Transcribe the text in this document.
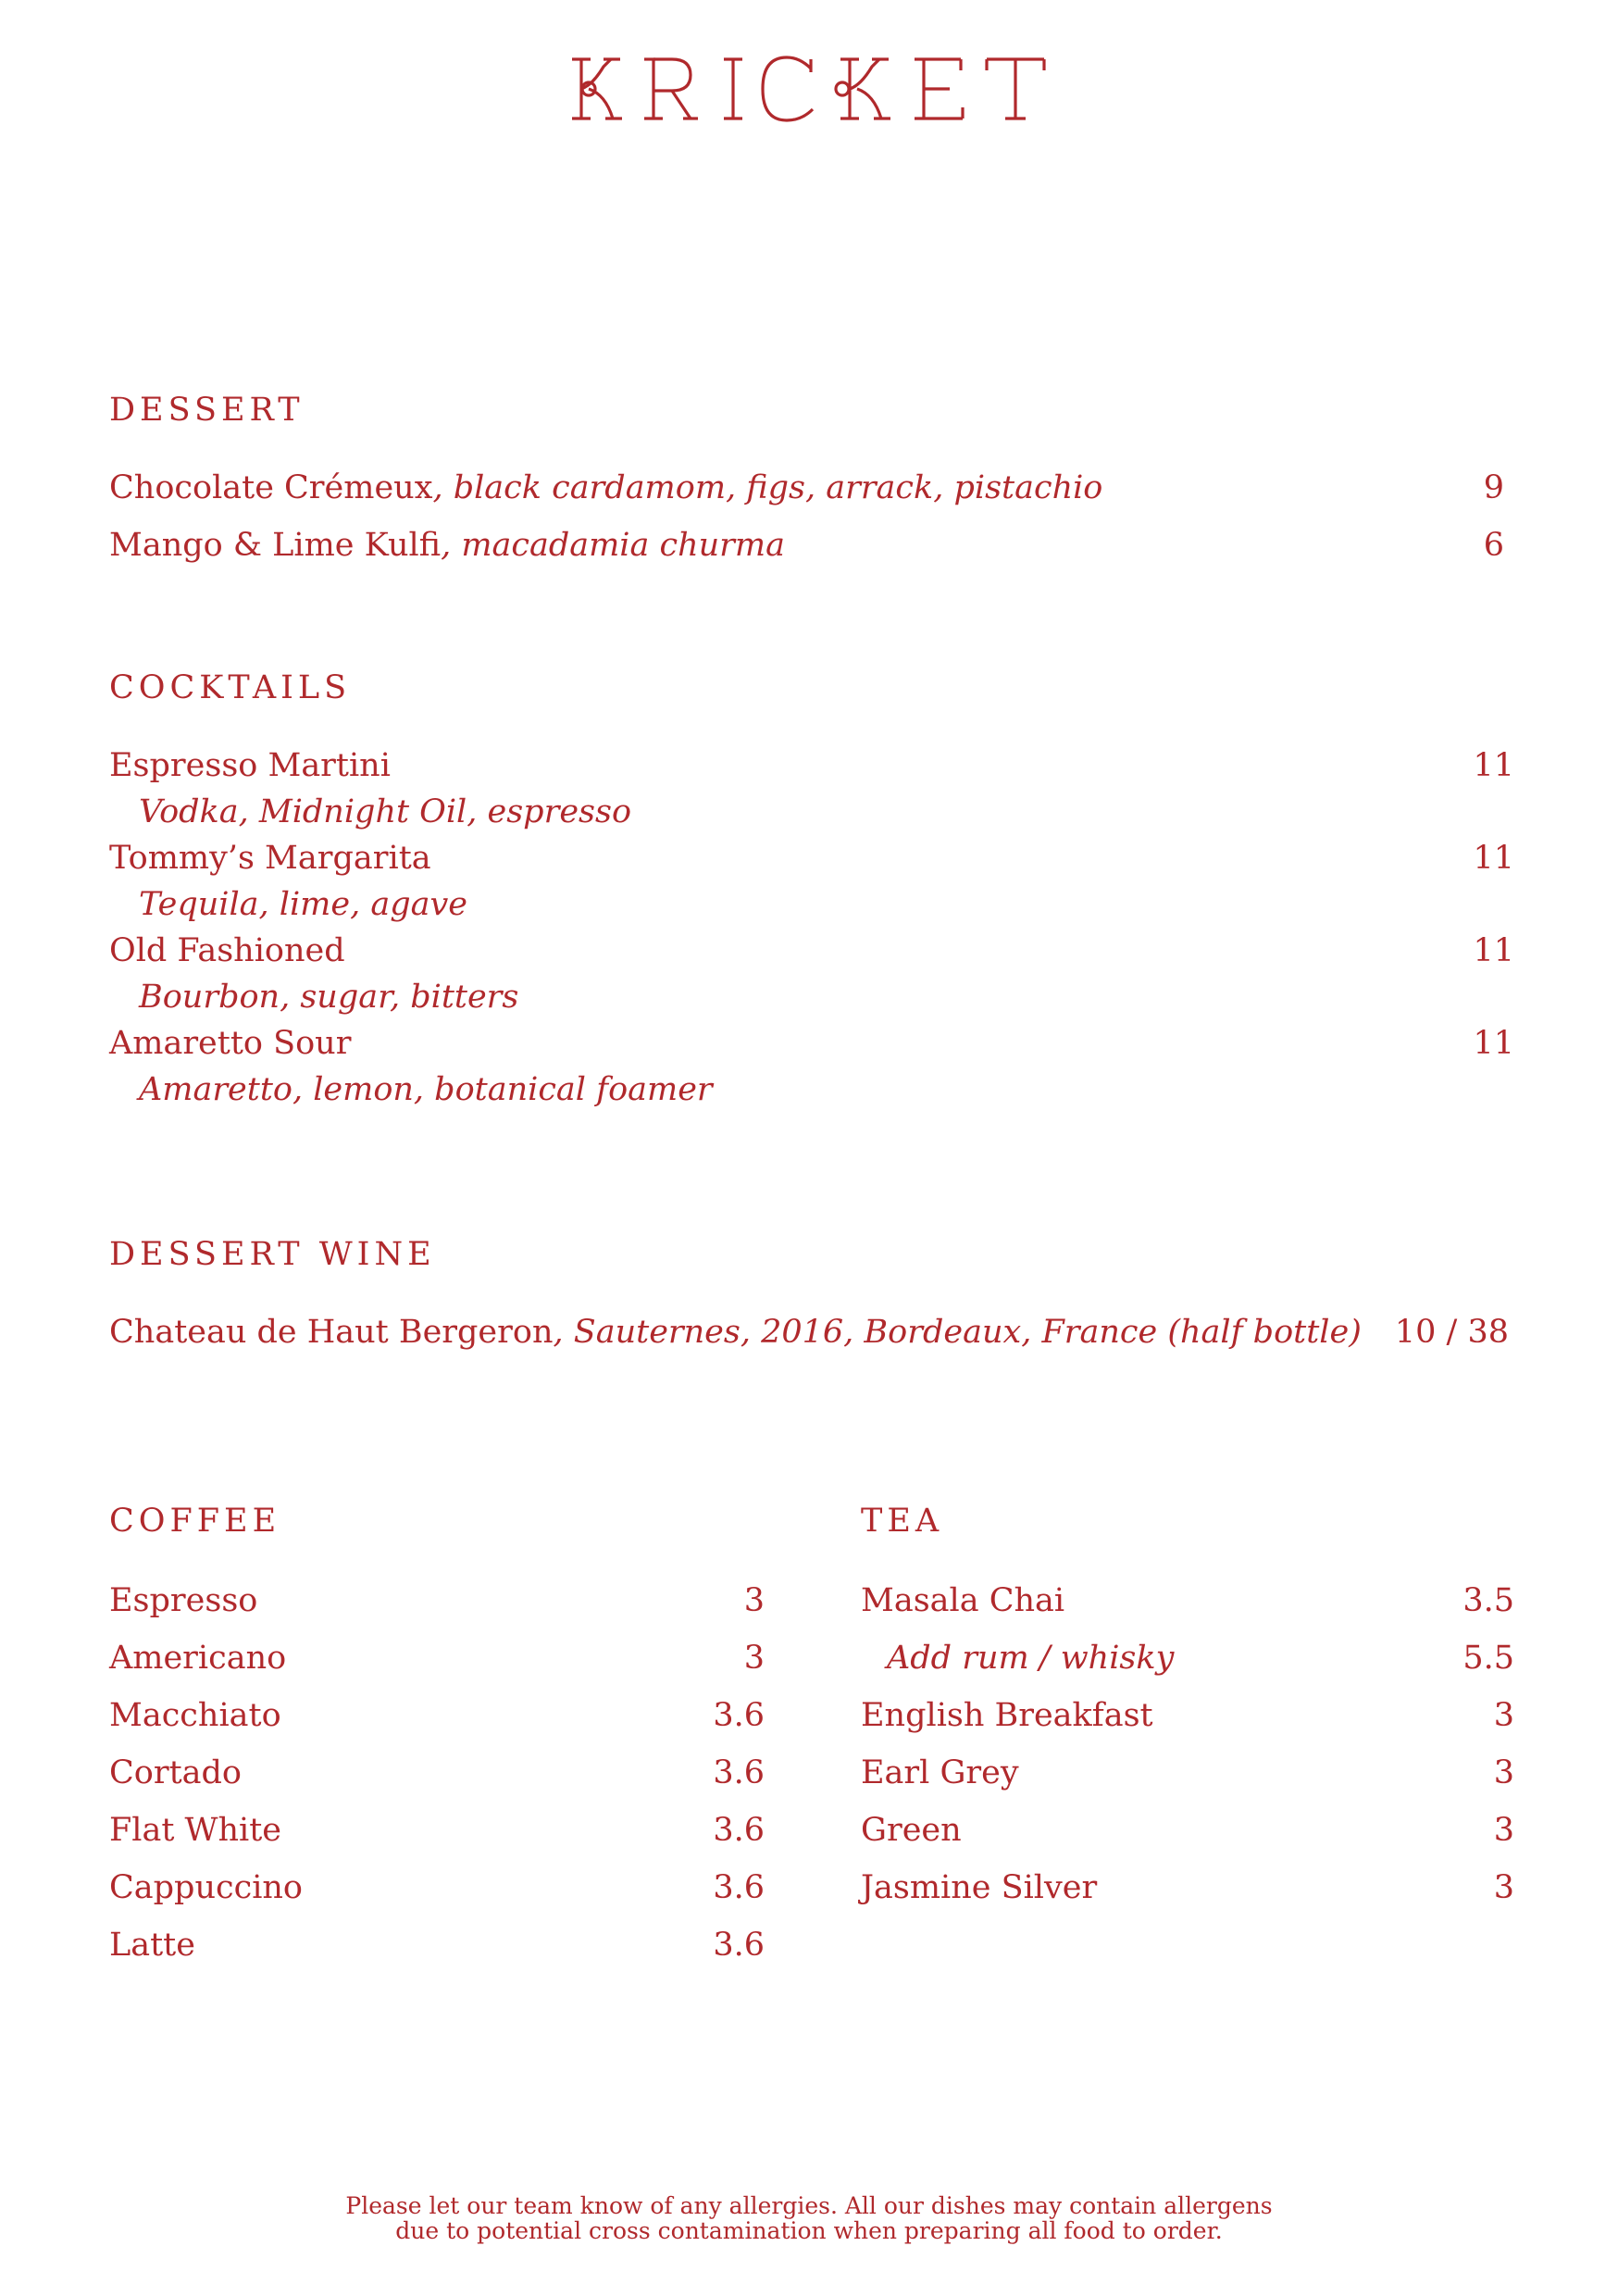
DESSERT
Chocolate Crémeux, black cardamom, figs, arrack, pistachio	9
Mango & Lime Kulfi, macadamia churma	6
COCKTAILS
Espresso Martini	11
Vodka, Midnight Oil, espresso
Tommy’s Margarita	11
Tequila, lime, agave
Old Fashioned	11
Bourbon, sugar, bitters
Amaretto Sour	11
Amaretto, lemon, botanical foamer
DESSERT WINE
Chateau de Haut Bergeron, Sauternes, 2016, Bordeaux, France (half bottle) 10 / 38
COFFEE
Espresso	3
Americano	3
Macchiato	3.6
Cortado	3.6
Flat White	3.6
Cappuccino	3.6
Latte	3.6
TEA
Masala Chai	3.5
Add rum / whisky	5.5
English Breakfast	3
Earl Grey	3
Green	3
Jasmine Silver	3
Please let our team know of any allergies. All our dishes may contain allergens
due to potential cross contamination when preparing all food to order.
